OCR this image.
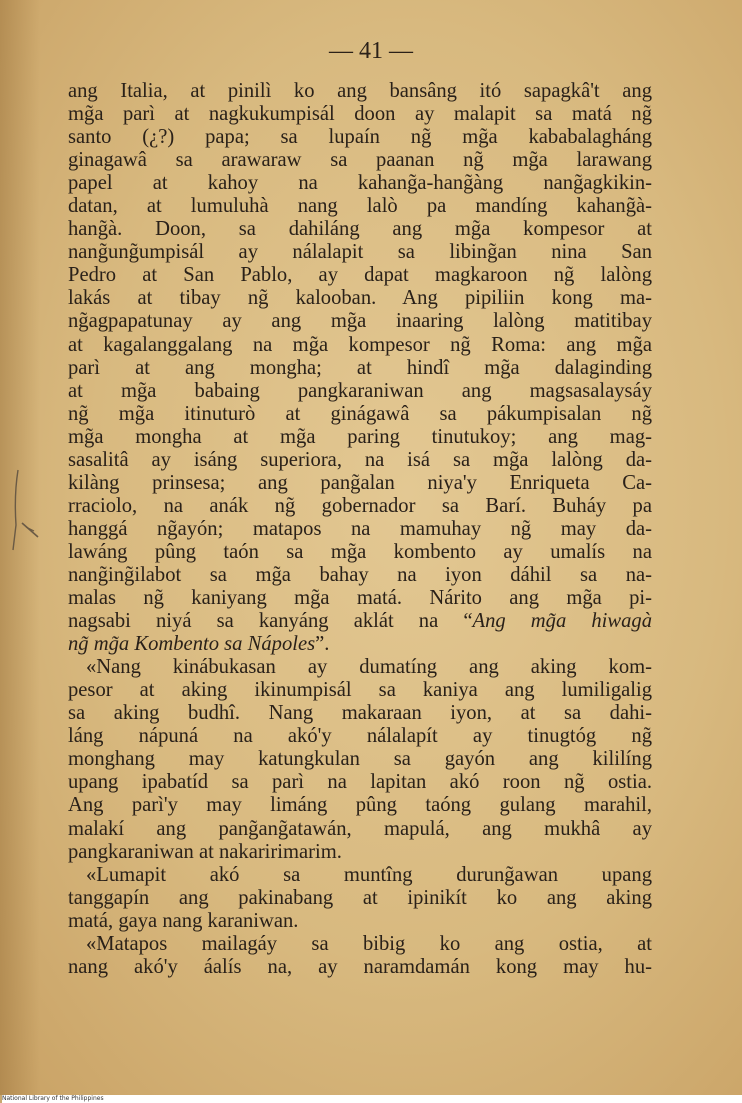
— 41 —
ang Italia, at pinilì ko ang bansâng itó sapagkâ't ang
mg̃a parì at nagkukumpisál doon ay malapit sa matá ng̃
santo (¿?) papa; sa lupaín ng̃ mg̃a kababalagháng
ginagawâ sa arawaraw sa paanan ng̃ mg̃a larawang
papel at kahoy na kahang̃a-hang̃àng nang̃agkikin-
datan, at lumuluhà nang lalò pa mandíng kahang̃à-
hang̃à. Doon, sa dahiláng ang mg̃a kompesor at
nang̃ung̃umpisál ay nálalapit sa libing̃an nina San
Pedro at San Pablo, ay dapat magkaroon ng̃ lalòng
lakás at tibay ng̃ kalooban. Ang pipiliin kong ma-
ng̃agpapatunay ay ang mg̃a inaaring lalòng matitibay
at kagalanggalang na mg̃a kompesor ng̃ Roma: ang mg̃a
parì at ang mongha; at hindî mg̃a dalaginding
at mg̃a babaing pangkaraniwan ang magsasalaysáy
ng̃ mg̃a itinuturò at ginágawâ sa pákumpisalan ng̃
mg̃a mongha at mg̃a paring tinutukoy; ang mag-
sasalitâ ay isáng superiora, na isá sa mg̃a lalòng da-
kilàng prinsesa; ang pang̃alan niya'y Enriqueta Ca-
rraciolo, na anák ng̃ gobernador sa Barí. Buháy pa
hanggá ng̃ayón; matapos na mamuhay ng̃ may da-
lawáng pûng taón sa mg̃a kombento ay umalís na
nang̃ing̃ilabot sa mg̃a bahay na iyon dáhil sa na-
malas ng̃ kaniyang mg̃a matá. Nárito ang mg̃a pi-
nagsabi niyá sa kanyáng aklát na “Ang mg̃a hiwagà
ng̃ mg̃a Kombento sa Nápoles”.
«Nang kinábukasan ay dumatíng ang aking kom-
pesor at aking ikinumpisál sa kaniya ang lumiligalig
sa aking budhî. Nang makaraan iyon, at sa dahi-
láng nápuná na akó'y nálalapít ay tinugtóg ng̃
monghang may katungkulan sa gayón ang kililíng
upang ipabatíd sa parì na lapitan akó roon ng̃ ostia.
Ang parì'y may limáng pûng taóng gulang marahil,
malakí ang pang̃ang̃atawán, mapulá, ang mukhâ ay
pangkaraniwan at nakaririmarim.
«Lumapit akó sa muntîng durung̃awan upang
tanggapín ang pakinabang at ipinikít ko ang aking
matá, gaya nang karaniwan.
«Matapos mailagáy sa bibig ko ang ostia, at
nang akó'y áalís na, ay naramdamán kong may hu-
National Library of the Philippines
